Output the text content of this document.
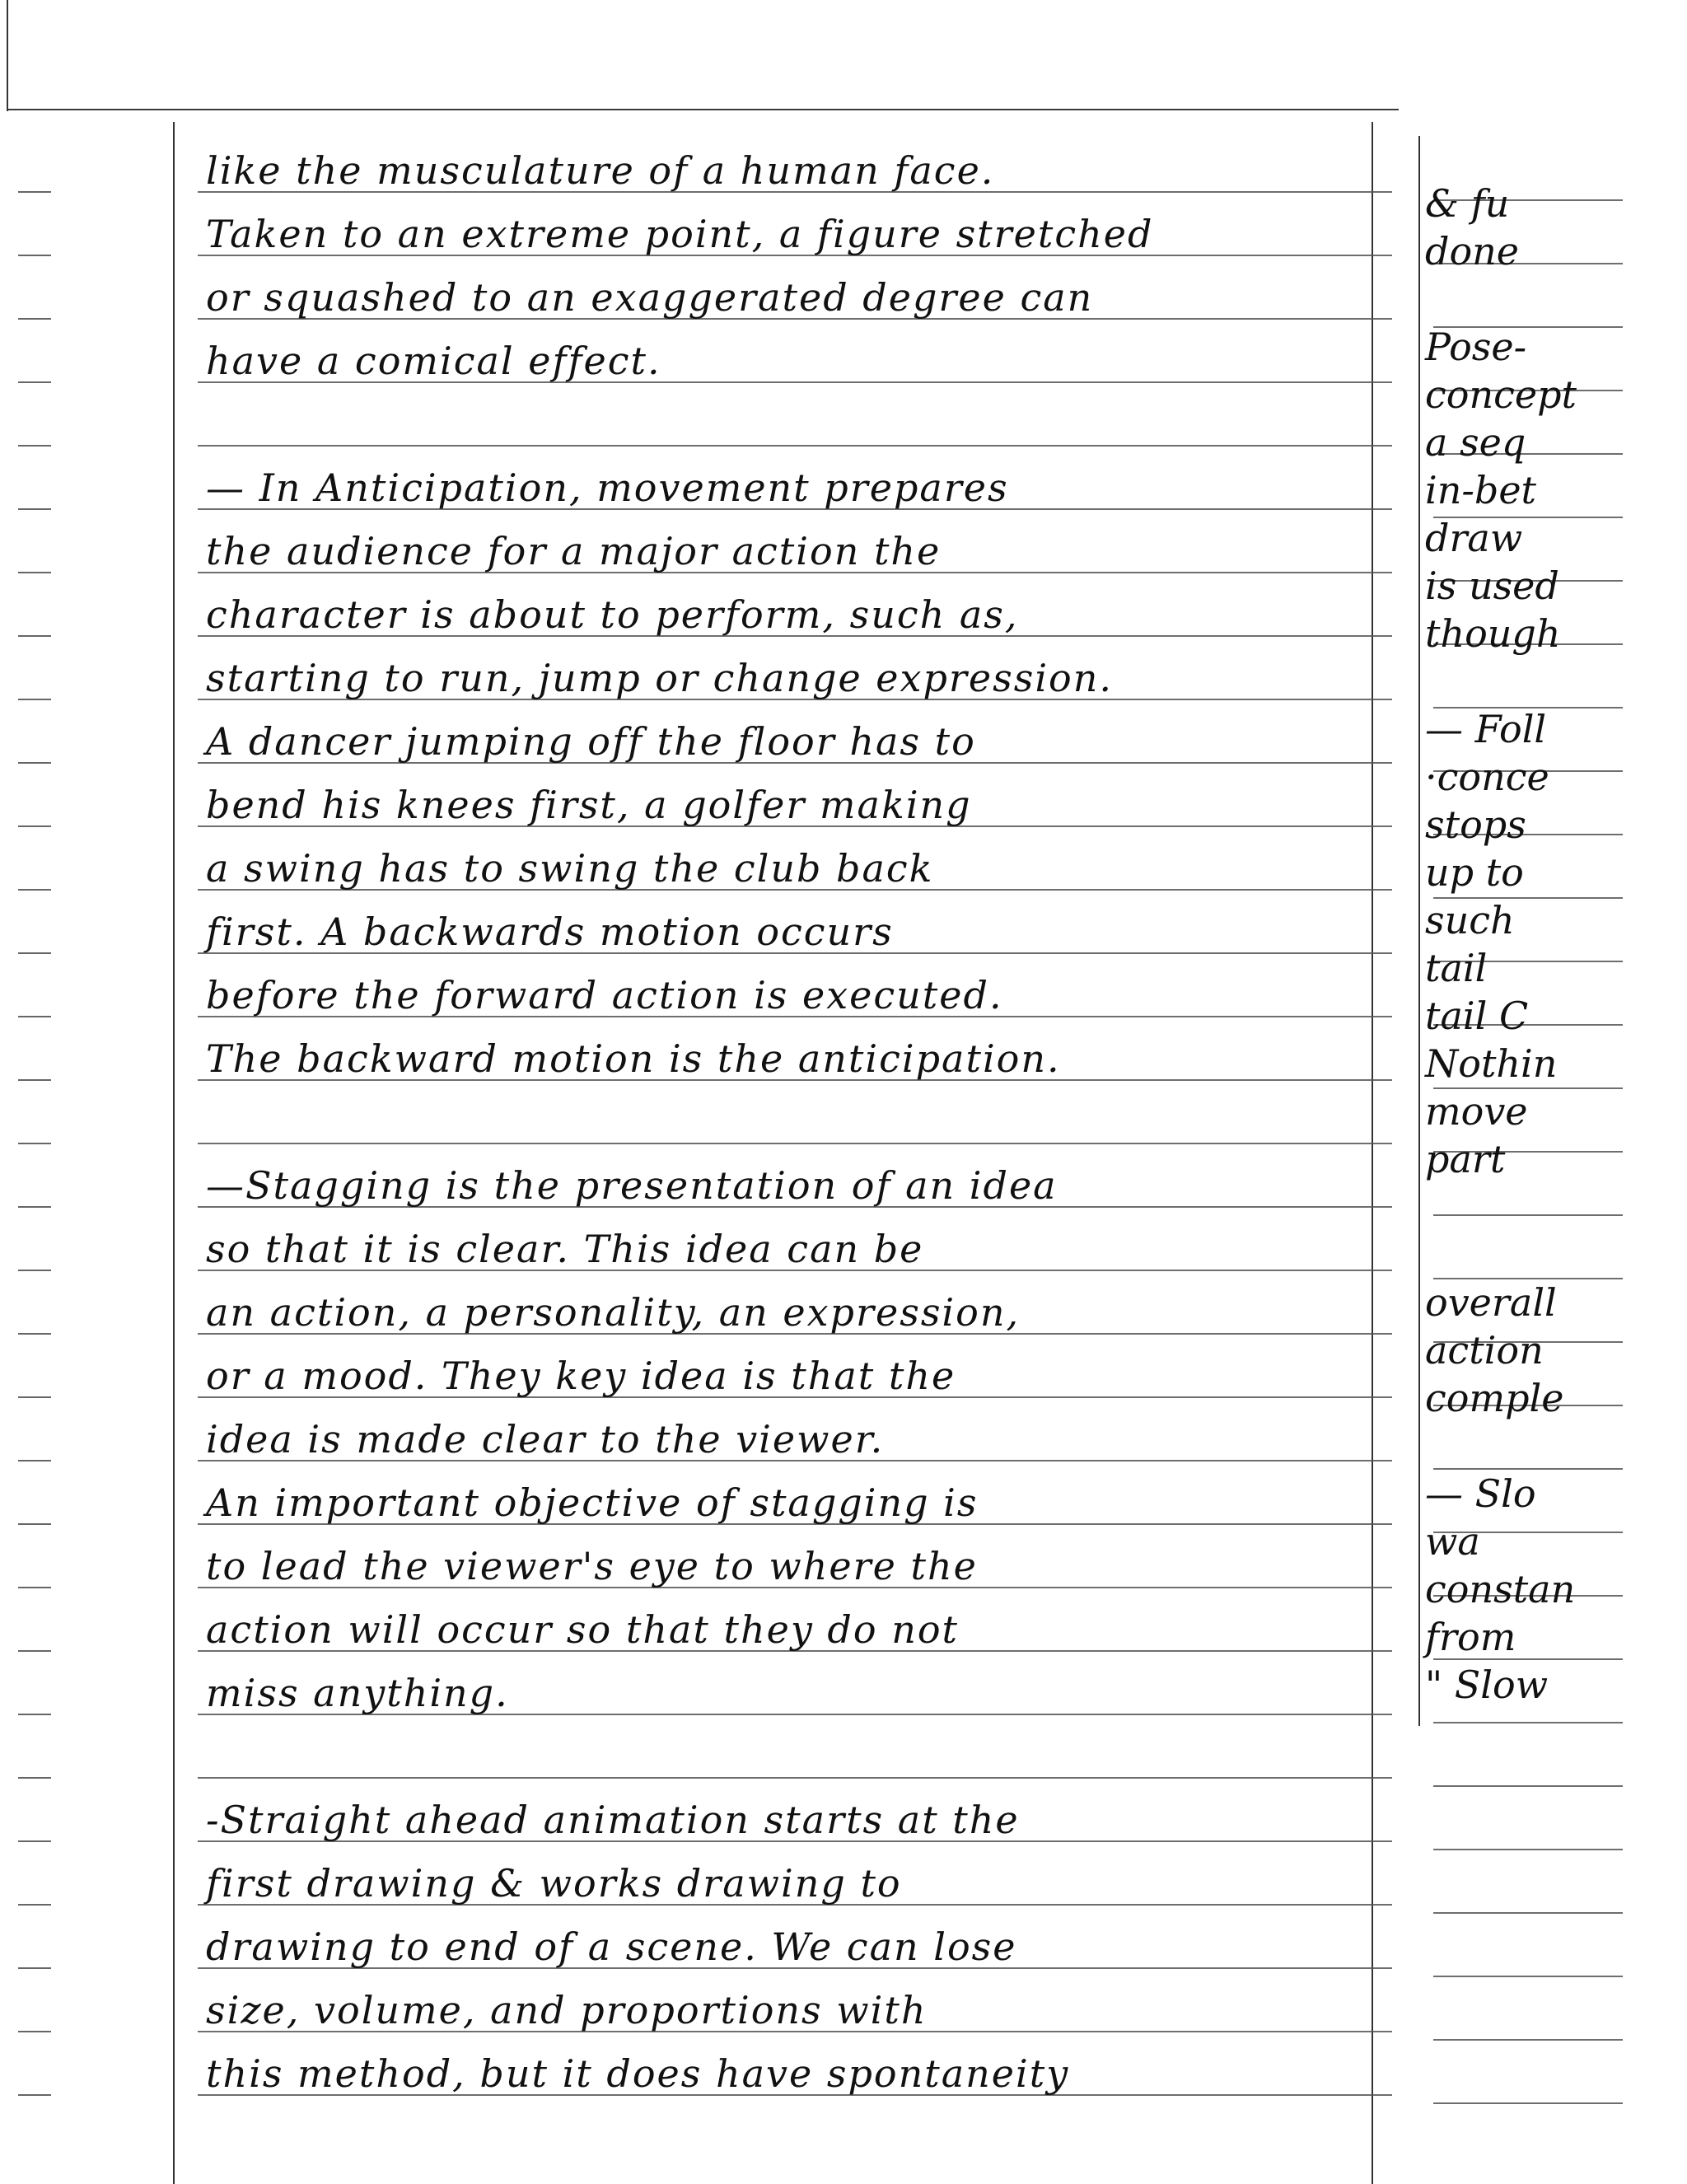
like the musculature of a human face.
Taken to an extreme point, a figure stretched
or squashed to an exaggerated degree can
have a comical effect.
— In Anticipation, movement prepares
the audience for a major action the
character is about to perform, such as,
starting to run, jump or change expression.
A dancer jumping off the floor has to
bend his knees first, a golfer making
a swing has to swing the club back
first. A backwards motion occurs
before the forward action is executed.
The backward motion is the anticipation.
—Stagging is the presentation of an idea
so that it is clear. This idea can be
an action, a personality, an expression,
or a mood. They key idea is that the
idea is made clear to the viewer.
An important objective of stagging is
to lead the viewer's eye to where the
action will occur so that they do not
miss anything.
-Straight ahead animation starts at the
first drawing & works drawing to
drawing to end of a scene. We can lose
size, volume, and proportions with
this method, but it does have spontaneity
& fu
done
Pose-
concept
a seq
in-bet
draw
is used
though
— Foll
·conce
stops
up to
such
tail
tail C
Nothin
move
part
overall
action
comple
— Slo
wa
constan
from
" Slow
